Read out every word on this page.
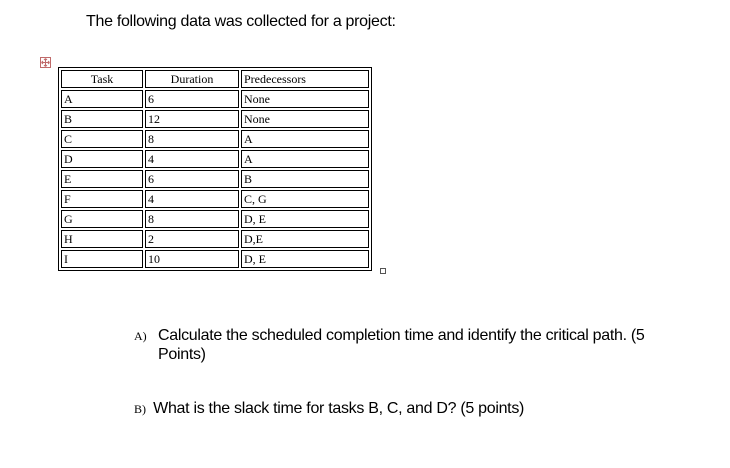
The following data was collected for a project:
Task	Duration	Predecessors
A	6	None
B	12	None
C	8	A
D	4	A
E	6	B
F	4	C, G
G	8	D, E
H	2	D,E
I	10	D, E
A) Calculate the scheduled completion time and identify the critical path. (5 Points)
B) What is the slack time for tasks B, C, and D? (5 points)
